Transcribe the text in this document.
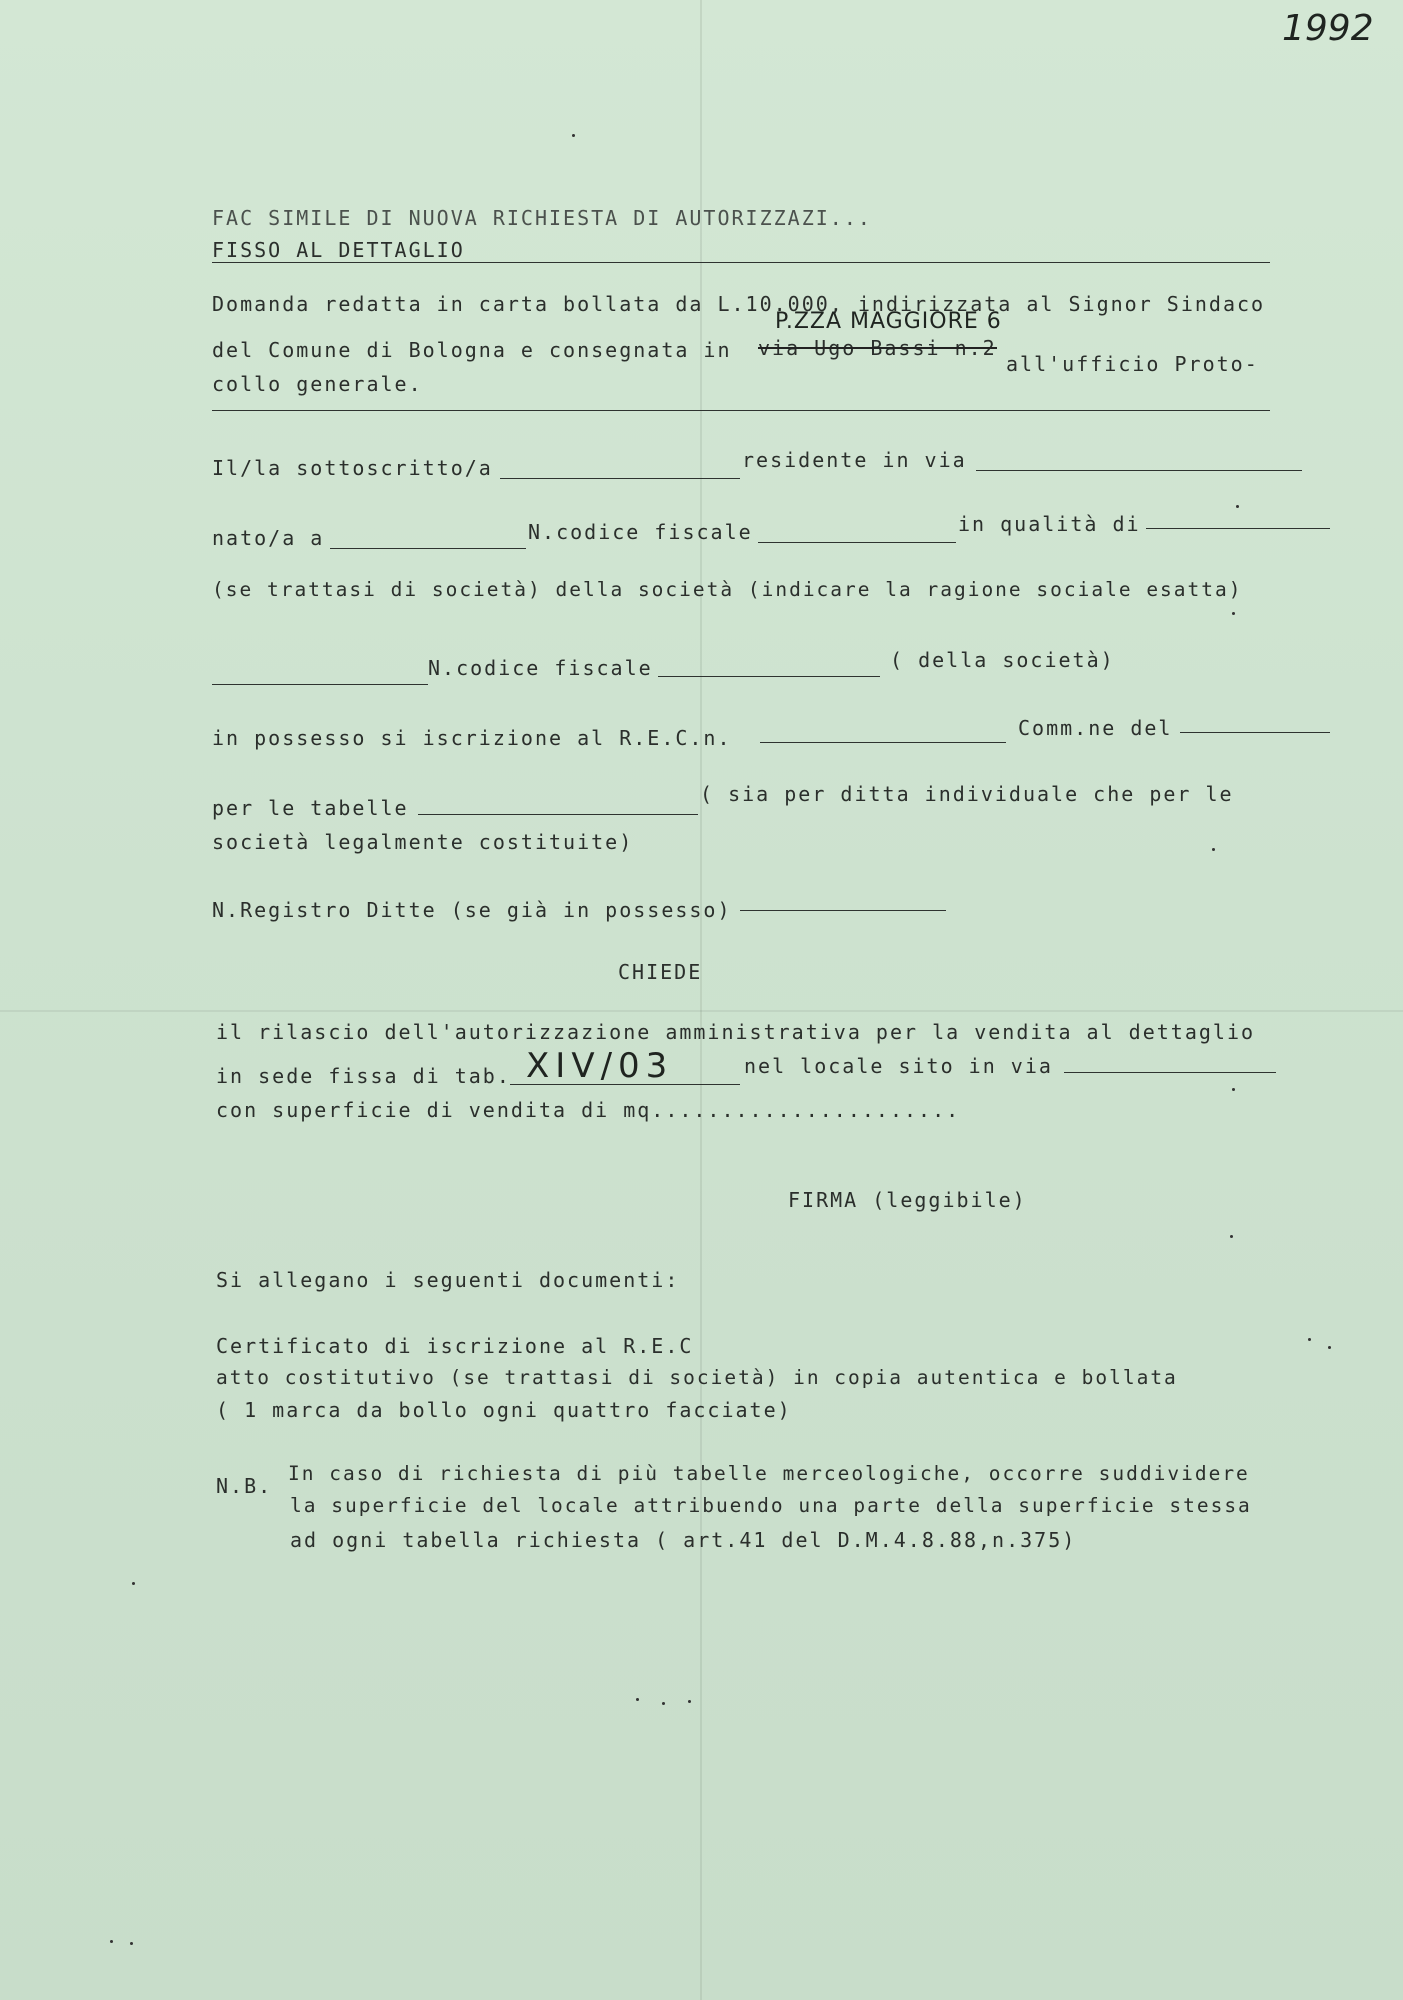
1992
FAC SIMILE DI NUOVA RICHIESTA DI AUTORIZZAZI...
FISSO AL DETTAGLIO
Domanda redatta in carta bollata da L.10.000, indirizzata al Signor Sindaco
del Comune di Bologna e consegnata in via Ugo Bassi n.2
all'ufficio Proto-
P.ZZA MAGGIORE 6
collo generale.
Il/la sottoscritto/a	residente in via
nato/a a	N.codice fiscale	in qualità di
(se trattasi di società) della società (indicare la ragione sociale esatta)
N.codice fiscale	( della società)
in possesso si iscrizione al R.E.C.n.	Comm.ne del
per le tabelle
( sia per ditta individuale che per le
società legalmente costituite)
N.Registro Ditte (se già in possesso)
CHIEDE
il rilascio dell'autorizzazione amministrativa per la vendita al dettaglio
in sede fissa di tab. XIV/03	nel locale sito in via
con superficie di vendita di mq......................
FIRMA (leggibile)
Si allegano i seguenti documenti:
Certificato di iscrizione al R.E.C
atto costitutivo (se trattasi di società) in copia autentica e bollata
( 1 marca da bollo ogni quattro facciate)
N.B.
In caso di richiesta di più tabelle merceologiche, occorre suddividere
la superficie del locale attribuendo una parte della superficie stessa
ad ogni tabella richiesta ( art.41 del D.M.4.8.88,n.375)
